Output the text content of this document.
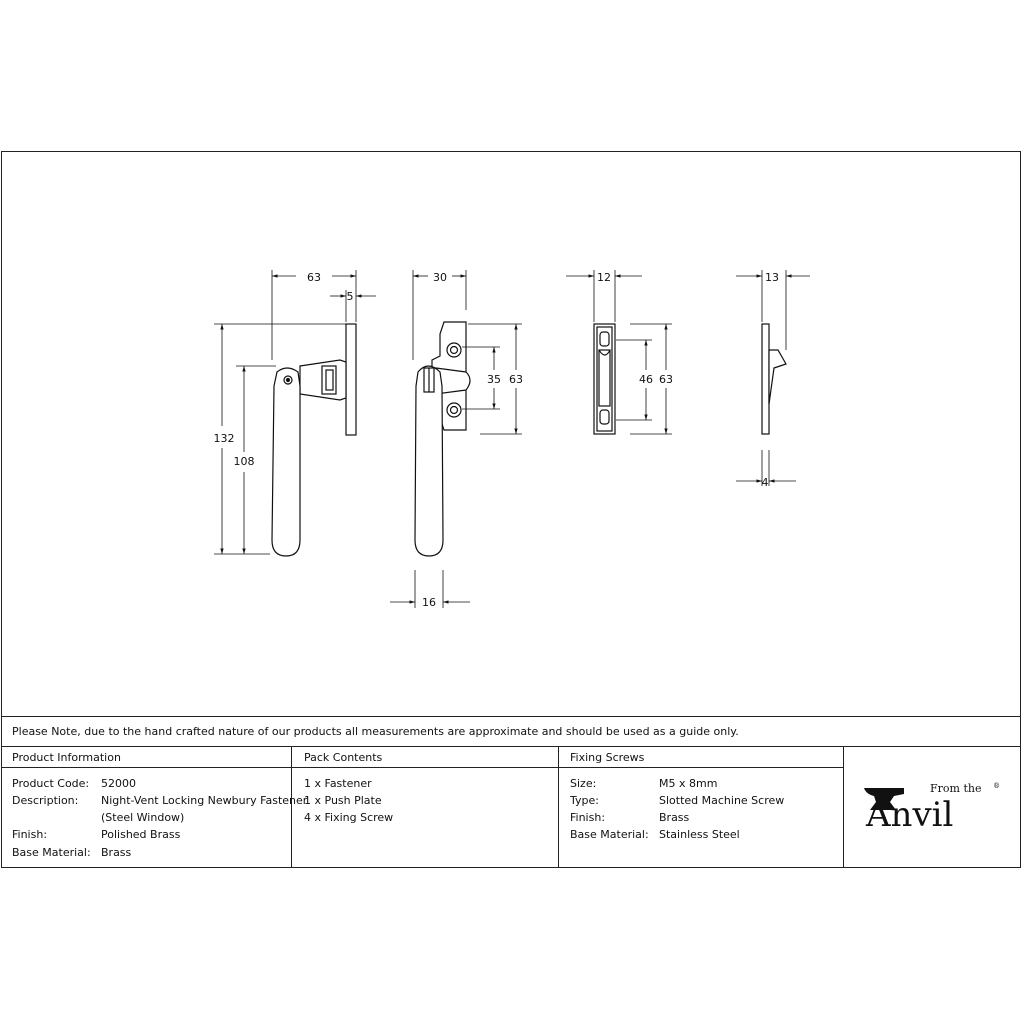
63
5
132
108
30
35 63
16
12
46 63
13
4
Please Note, due to the hand crafted nature of our products all measurements are approximate and should be used as a guide only.
Product Information
Product Code: 52000
Description: Night-Vent Locking Newbury Fastener
(Steel Window)
Finish:	Polished Brass
Base Material: Brass
Pack Contents
1 x Fastener
1 x Push Plate
4 x Fixing Screw
Fixing Screws
Size:	M5 x 8mm
Type:	Slotted Machine Screw
Finish:	Brass
Base Material: Stainless Steel
From the ®
Anvil
